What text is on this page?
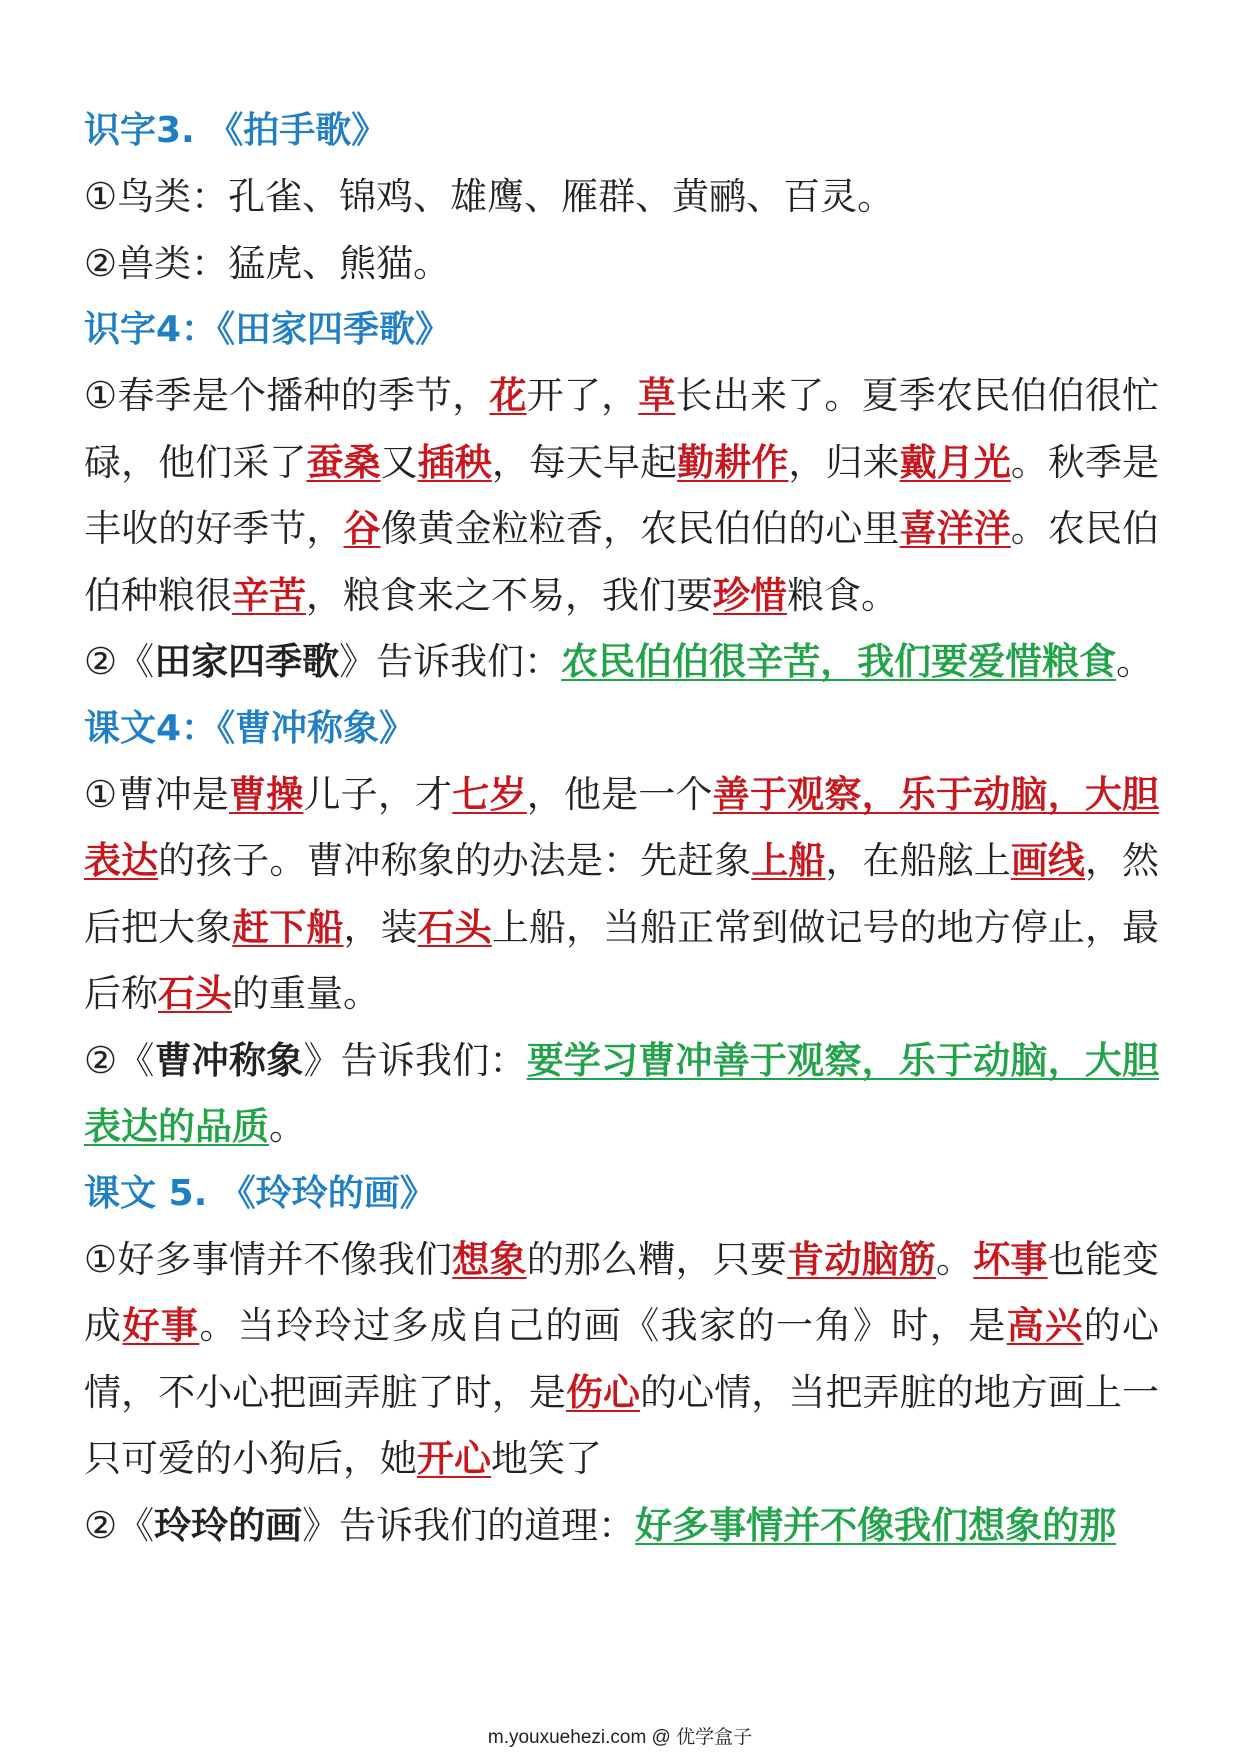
识字3. 《拍手歌》
①鸟类：孔雀、锦鸡、雄鹰、雁群、黄鹂、百灵。
②兽类：猛虎、熊猫。
识字4：《田家四季歌》
①春季是个播种的季节，花开了，草长出来了。夏季农民伯伯很忙碌，他们采了蚕桑又插秧，每天早起勤耕作，归来戴月光。秋季是丰收的好季节，谷像黄金粒粒香，农民伯伯的心里喜洋洋。农民伯伯种粮很辛苦，粮食来之不易，我们要珍惜粮食。
②《田家四季歌》告诉我们：农民伯伯很辛苦，我们要爱惜粮食。
课文4：《曹冲称象》
①曹冲是曹操儿子，才七岁，他是一个善于观察，乐于动脑，大胆表达的孩子。曹冲称象的办法是：先赶象上船，在船舷上画线，然后把大象赶下船，装石头上船，当船正常到做记号的地方停止，最后称石头的重量。
②《曹冲称象》告诉我们：要学习曹冲善于观察，乐于动脑，大胆表达的品质。
课文 5. 《玲玲的画》
①好多事情并不像我们想象的那么糟，只要肯动脑筋。坏事也能变成好事。当玲玲过多成自己的画《我家的一角》时，是高兴的心情，不小心把画弄脏了时，是伤心的心情，当把弄脏的地方画上一只可爱的小狗后，她开心地笑了
②《玲玲的画》告诉我们的道理：好多事情并不像我们想象的那
m.youxuehezi.com @ 优学盒子
